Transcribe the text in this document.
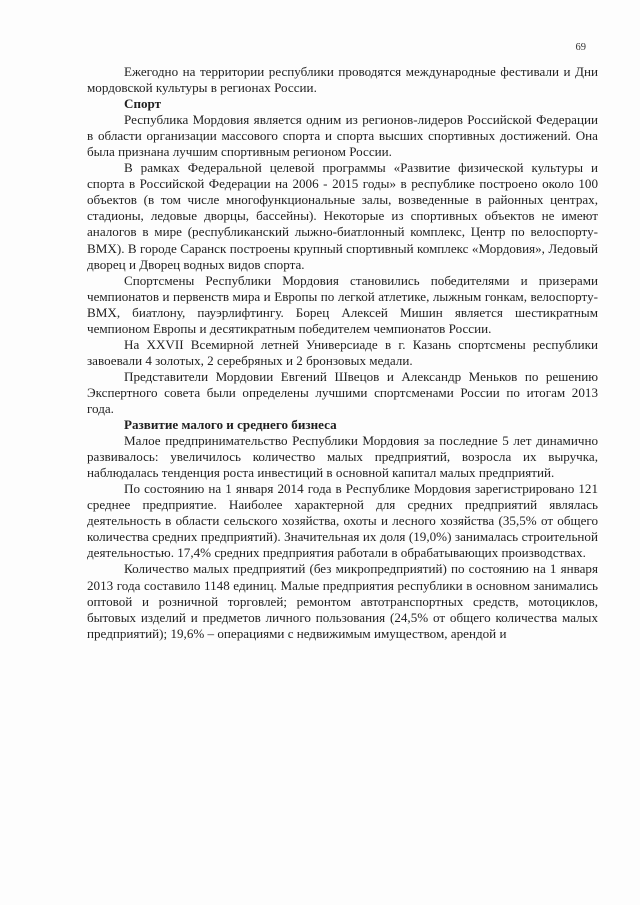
69

Ежегодно на территории республики проводятся международные фестивали и Дни мордовской культуры в регионах России.

Спорт

Республика Мордовия является одним из регионов-лидеров Российской Федерации в области организации массового спорта и спорта высших спортивных достижений. Она была признана лучшим спортивным регионом России.

В рамках Федеральной целевой программы «Развитие физической культуры и спорта в Российской Федерации на 2006 - 2015 годы» в республике построено около 100 объектов (в том числе многофункциональные залы, возведенные в районных центрах, стадионы, ледовые дворцы, бассейны). Некоторые из спортивных объектов не имеют аналогов в мире (республиканский лыжно-биатлонный комплекс, Центр по велоспорту-ВМХ). В городе Саранск построены крупный спортивный комплекс «Мордовия», Ледовый дворец и Дворец водных видов спорта.

Спортсмены Республики Мордовия становились победителями и призерами чемпионатов и первенств мира и Европы по легкой атлетике, лыжным гонкам, велоспорту-ВМХ, биатлону, пауэрлифтингу. Борец Алексей Мишин является шестикратным чемпионом Европы и десятикратным победителем чемпионатов России.

На XXVII Всемирной летней Универсиаде в г. Казань спортсмены республики завоевали 4 золотых, 2 серебряных и 2 бронзовых медали.

Представители Мордовии Евгений Швецов и Александр Меньков по решению Экспертного совета были определены лучшими спортсменами России по итогам 2013 года.

Развитие малого и среднего бизнеса

Малое предпринимательство Республики Мордовия за последние 5 лет динамично развивалось: увеличилось количество малых предприятий, возросла их выручка, наблюдалась тенденция роста инвестиций в основной капитал малых предприятий.

По состоянию на 1 января 2014 года в Республике Мордовия зарегистрировано 121 среднее предприятие. Наиболее характерной для средних предприятий являлась деятельность в области сельского хозяйства, охоты и лесного хозяйства (35,5% от общего количества средних предприятий). Значительная их доля (19,0%) занималась строительной деятельностью. 17,4% средних предприятия работали в обрабатывающих производствах.

Количество малых предприятий (без микропредприятий) по состоянию на 1 января 2013 года составило 1148 единиц. Малые предприятия республики в основном занимались оптовой и розничной торговлей; ремонтом автотранспортных средств, мотоциклов, бытовых изделий и предметов личного пользования (24,5% от общего количества малых предприятий); 19,6% – операциями с недвижимым имуществом, арендой и
